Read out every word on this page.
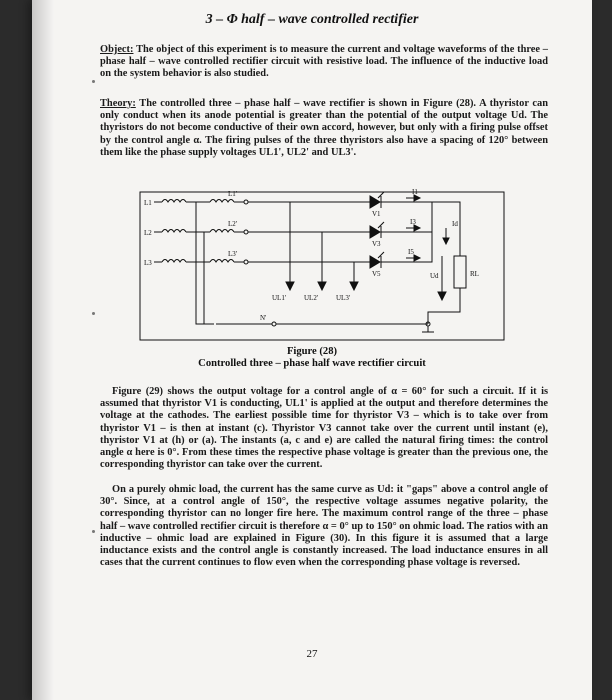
3 – Φ half – wave controlled rectifier
Object: The object of this experiment is to measure the current and voltage waveforms of the three – phase half – wave controlled rectifier circuit with resistive load. The influence of the inductive load on the system behavior is also studied.
Theory: The controlled three – phase half – wave rectifier is shown in Figure (28). A thyristor can only conduct when its anode potential is greater than the potential of the output voltage Ud. The thyristors do not become conductive of their own accord, however, but only with a firing pulse offset by the control angle α. The firing pulses of the three thyristors also have a spacing of 120° between them like the phase supply voltages UL1', UL2' and UL3'.
L1
L2
L3
L1'
L2'
L3'
N'
V1
V3
V5
I1
I3
I5
Id
UL1'	UL2'	UL3'
Ud	RL
Figure (28)
Controlled three – phase half wave rectifier circuit
Figure (29) shows the output voltage for a control angle of α = 60° for such a circuit. If it is assumed that thyristor V1 is conducting, UL1' is applied at the output and therefore determines the voltage at the cathodes. The earliest possible time for thyristor V3 – which is to take over from thyristor V1 – is then at instant (c). Thyristor V3 cannot take over the current until instant (e), thyristor V1 at (h) or (a). The instants (a, c and e) are called the natural firing times: the control angle α here is 0°. From these times the respective phase voltage is greater than the previous one, the corresponding thyristor can take over the current.
On a purely ohmic load, the current has the same curve as Ud: it "gaps" above a control angle of 30°. Since, at a control angle of 150°, the respective voltage assumes negative polarity, the corresponding thyristor can no longer fire here. The maximum control range of the three – phase half – wave controlled rectifier circuit is therefore α = 0° up to 150° on ohmic load. The ratios with an inductive – ohmic load are explained in Figure (30). In this figure it is assumed that a large inductance exists and the control angle is constantly increased. The load inductance ensures in all cases that the current continues to flow even when the corresponding phase voltage is reversed.
27
